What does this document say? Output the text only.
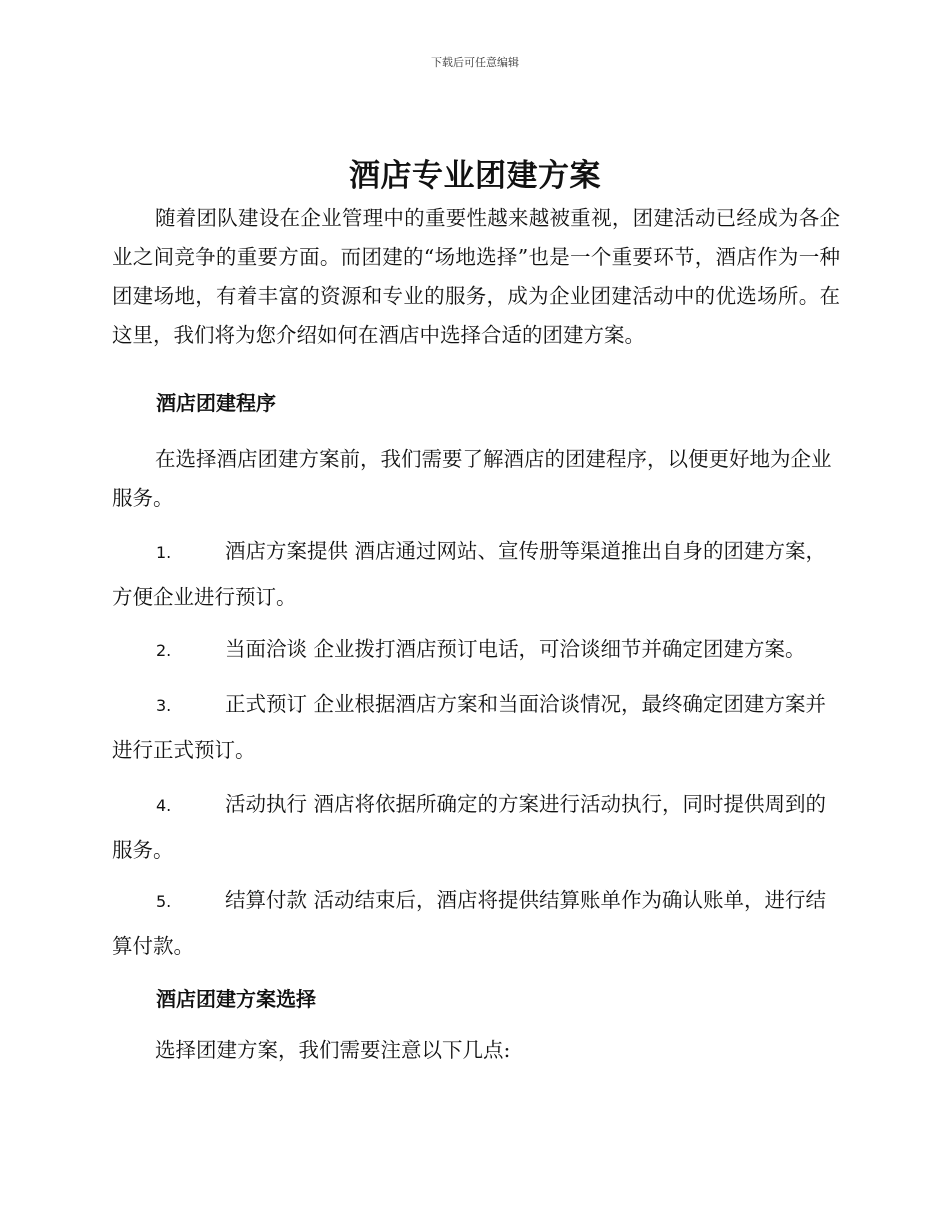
下载后可任意编辑
酒店专业团建方案
随着团队建设在企业管理中的重要性越来越被重视，团建活动已经成为各企业之间竞争的重要方面。而团建的“场地选择”也是一个重要环节，酒店作为一种团建场地，有着丰富的资源和专业的服务，成为企业团建活动中的优选场所。在这里，我们将为您介绍如何在酒店中选择合适的团建方案。
酒店团建程序
在选择酒店团建方案前，我们需要了解酒店的团建程序，以便更好地为企业服务。
1.	酒店方案提供 酒店通过网站、宣传册等渠道推出自身的团建方案，方便企业进行预订。
2.	当面洽谈 企业拨打酒店预订电话，可洽谈细节并确定团建方案。
3.	正式预订 企业根据酒店方案和当面洽谈情况，最终确定团建方案并进行正式预订。
4.	活动执行 酒店将依据所确定的方案进行活动执行，同时提供周到的服务。
5.	结算付款 活动结束后，酒店将提供结算账单作为确认账单，进行结算付款。
酒店团建方案选择
选择团建方案，我们需要注意以下几点:
